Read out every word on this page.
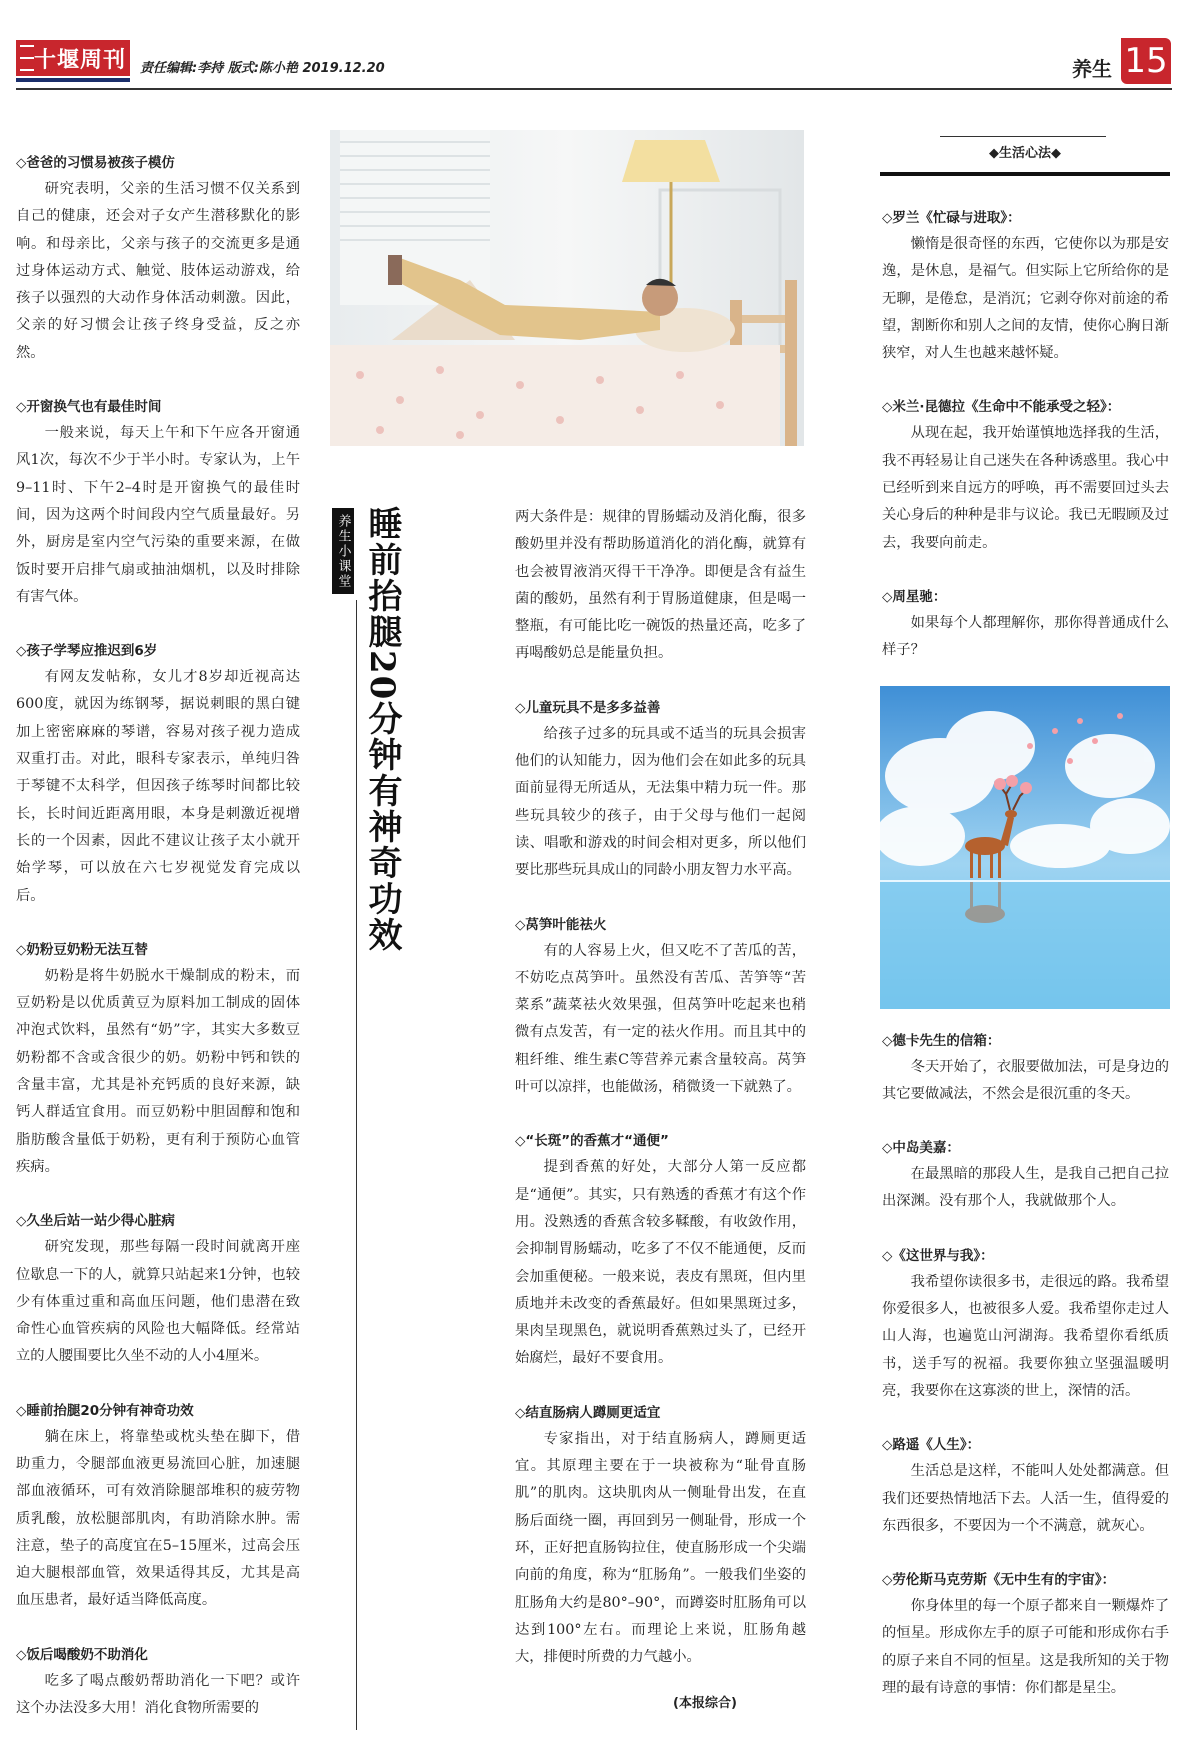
十堰周刊 责任编辑:李持 版式:陈小艳 2019.12.20	养生 15
◇爸爸的习惯易被孩子模仿

研究表明，父亲的生活习惯不仅关系到自己的健康，还会对子女产生潜移默化的影响。和母亲比，父亲与孩子的交流更多是通过身体运动方式、触觉、肢体运动游戏，给孩子以强烈的大动作身体活动刺激。因此，父亲的好习惯会让孩子终身受益，反之亦然。

◇开窗换气也有最佳时间

一般来说，每天上午和下午应各开窗通风1次，每次不少于半小时。专家认为，上午9–11时、下午2–4时是开窗换气的最佳时间，因为这两个时间段内空气质量最好。另外，厨房是室内空气污染的重要来源，在做饭时要开启排气扇或抽油烟机，以及时排除有害气体。

◇孩子学琴应推迟到6岁

有网友发帖称，女儿才8岁却近视高达600度，就因为练钢琴，据说刺眼的黑白键加上密密麻麻的琴谱，容易对孩子视力造成双重打击。对此，眼科专家表示，单纯归咎于琴键不太科学，但因孩子练琴时间都比较长，长时间近距离用眼，本身是刺激近视增长的一个因素，因此不建议让孩子太小就开始学琴，可以放在六七岁视觉发育完成以后。

◇奶粉豆奶粉无法互替

奶粉是将牛奶脱水干燥制成的粉末，而豆奶粉是以优质黄豆为原料加工制成的固体冲泡式饮料，虽然有“奶”字，其实大多数豆奶粉都不含或含很少的奶。奶粉中钙和铁的含量丰富，尤其是补充钙质的良好来源，缺钙人群适宜食用。而豆奶粉中胆固醇和饱和脂肪酸含量低于奶粉，更有利于预防心血管疾病。

◇久坐后站一站少得心脏病

研究发现，那些每隔一段时间就离开座位歇息一下的人，就算只站起来1分钟，也较少有体重过重和高血压问题，他们患潜在致命性心血管疾病的风险也大幅降低。经常站立的人腰围要比久坐不动的人小4厘米。

◇睡前抬腿20分钟有神奇功效

躺在床上，将靠垫或枕头垫在脚下，借助重力，令腿部血液更易流回心脏，加速腿部血液循环，可有效消除腿部堆积的疲劳物质乳酸，放松腿部肌肉，有助消除水肿。需注意，垫子的高度宜在5–15厘米，过高会压迫大腿根部血管，效果适得其反，尤其是高血压患者，最好适当降低高度。

◇饭后喝酸奶不助消化

吃多了喝点酸奶帮助消化一下吧？或许这个办法没多大用！消化食物所需要的

养生小课堂 睡前抬腿20分钟有神奇功效	两大条件是：规律的胃肠蠕动及消化酶，很多酸奶里并没有帮助肠道消化的消化酶，就算有也会被胃液消灭得干干净净。即便是含有益生菌的酸奶，虽然有利于胃肠道健康，但是喝一整瓶，有可能比吃一碗饭的热量还高，吃多了再喝酸奶总是能量负担。

◇儿童玩具不是多多益善

给孩子过多的玩具或不适当的玩具会损害他们的认知能力，因为他们会在如此多的玩具面前显得无所适从，无法集中精力玩一件。那些玩具较少的孩子，由于父母与他们一起阅读、唱歌和游戏的时间会相对更多，所以他们要比那些玩具成山的同龄小朋友智力水平高。

◇莴笋叶能祛火

有的人容易上火，但又吃不了苦瓜的苦，不妨吃点莴笋叶。虽然没有苦瓜、苦笋等“苦菜系”蔬菜祛火效果强，但莴笋叶吃起来也稍微有点发苦，有一定的祛火作用。而且其中的粗纤维、维生素C等营养元素含量较高。莴笋叶可以凉拌，也能做汤，稍微烫一下就熟了。

◇“长斑”的香蕉才“通便”

提到香蕉的好处，大部分人第一反应都是“通便”。其实，只有熟透的香蕉才有这个作用。没熟透的香蕉含较多鞣酸，有收敛作用，会抑制胃肠蠕动，吃多了不仅不能通便，反而会加重便秘。一般来说，表皮有黑斑，但内里质地并未改变的香蕉最好。但如果黑斑过多，果肉呈现黑色，就说明香蕉熟过头了，已经开始腐烂，最好不要食用。

◇结直肠病人蹲厕更适宜

专家指出，对于结直肠病人，蹲厕更适宜。其原理主要在于一块被称为“耻骨直肠肌”的肌肉。这块肌肉从一侧耻骨出发，在直肠后面绕一圈，再回到另一侧耻骨，形成一个环，正好把直肠钩拉住，使直肠形成一个尖端向前的角度，称为“肛肠角”。一般我们坐姿的肛肠角大约是80°–90°，而蹲姿时肛肠角可以达到100°左右。而理论上来说，肛肠角越大，排便时所费的力气越小。

(本报综合)
◆生活心法◆
◇罗兰《忙碌与进取》：

懒惰是很奇怪的东西，它使你以为那是安逸，是休息，是福气。但实际上它所给你的是无聊，是倦怠，是消沉；它剥夺你对前途的希望，割断你和别人之间的友情，使你心胸日渐狭窄，对人生也越来越怀疑。

◇米兰·昆德拉《生命中不能承受之轻》：

从现在起，我开始谨慎地选择我的生活，我不再轻易让自己迷失在各种诱惑里。我心中已经听到来自远方的呼唤，再不需要回过头去关心身后的种种是非与议论。我已无暇顾及过去，我要向前走。

◇周星驰：

如果每个人都理解你，那你得普通成什么样子？

◇德卡先生的信箱：

冬天开始了，衣服要做加法，可是身边的其它要做减法，不然会是很沉重的冬天。

◇中岛美嘉：

在最黑暗的那段人生，是我自己把自己拉出深渊。没有那个人，我就做那个人。

◇《这世界与我》：

我希望你读很多书，走很远的路。我希望你爱很多人，也被很多人爱。我希望你走过人山人海，也遍览山河湖海。我希望你看纸质书，送手写的祝福。我要你独立坚强温暖明亮，我要你在这寡淡的世上，深情的活。

◇路遥《人生》：

生活总是这样，不能叫人处处都满意。但我们还要热情地活下去。人活一生，值得爱的东西很多，不要因为一个不满意，就灰心。

◇劳伦斯马克劳斯《无中生有的宇宙》：

你身体里的每一个原子都来自一颗爆炸了的恒星。形成你左手的原子可能和形成你右手的原子来自不同的恒星。这是我所知的关于物理的最有诗意的事情：你们都是星尘。
